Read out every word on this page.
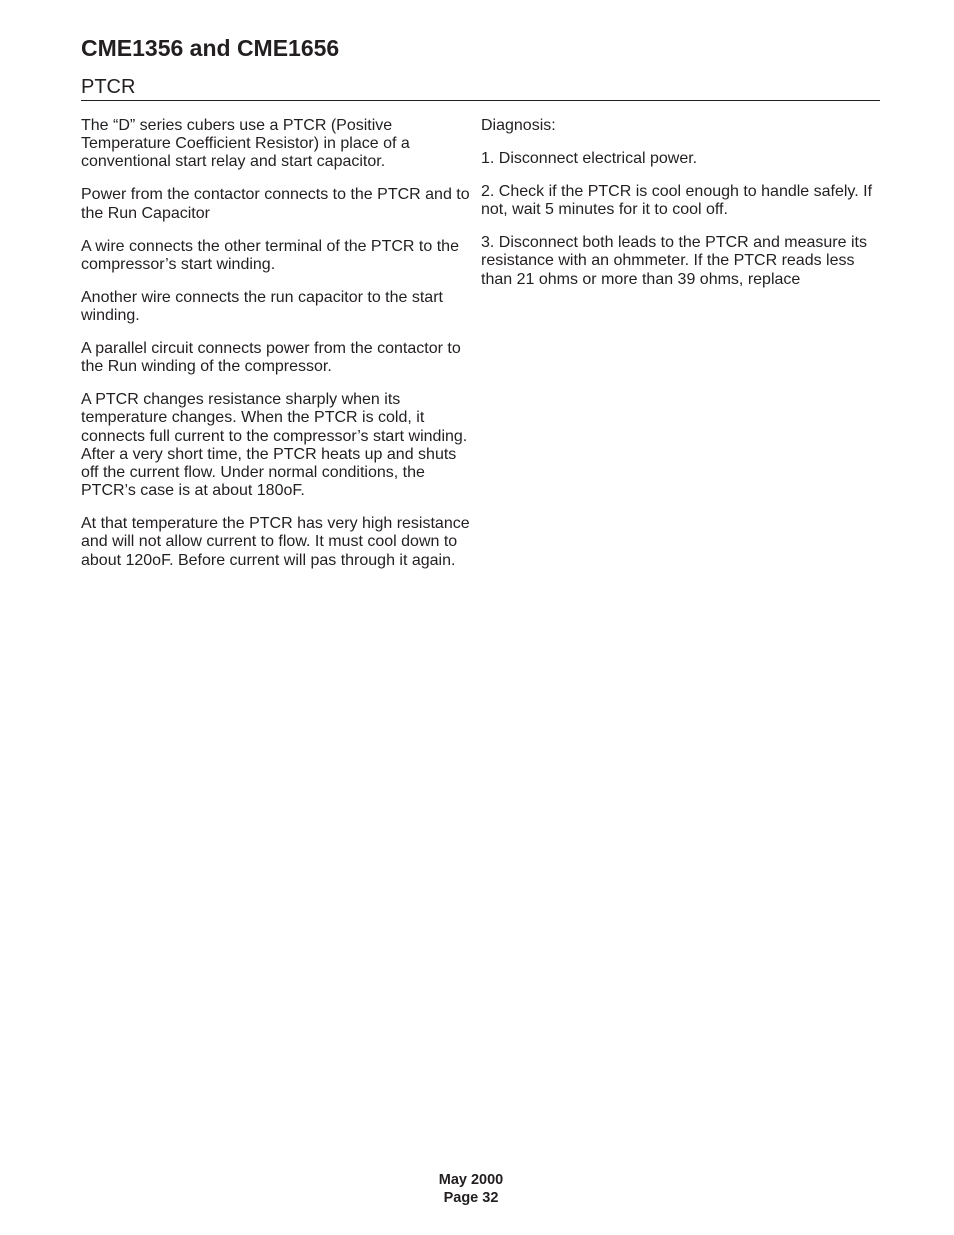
CME1356 and CME1656
PTCR

The “D” series cubers use a PTCR (Positive Temperature Coefficient Resistor) in place of a conventional start relay and start capacitor.

Power from the contactor connects to the PTCR and to the Run Capacitor

A wire connects the other terminal of the PTCR to the compressor’s start winding.

Another wire connects the run capacitor to the start winding.

A parallel circuit connects power from the contactor to the Run winding of the compressor.

A PTCR changes resistance sharply when its temperature changes. When the PTCR is cold, it connects full current to the compressor’s start winding. After a very short time, the PTCR heats up and shuts off the current flow. Under normal conditions, the PTCR’s case is at about 180oF.

At that temperature the PTCR has very high resistance and will not allow current to flow. It must cool down to about 120oF. Before current will pas through it again.

Diagnosis:

1. Disconnect electrical power.

2. Check if the PTCR is cool enough to handle safely. If not, wait 5 minutes for it to cool off.

3. Disconnect both leads to the PTCR and measure its resistance with an ohmmeter. If the PTCR reads less than 21 ohms or more than 39 ohms, replace

May 2000
Page 32
